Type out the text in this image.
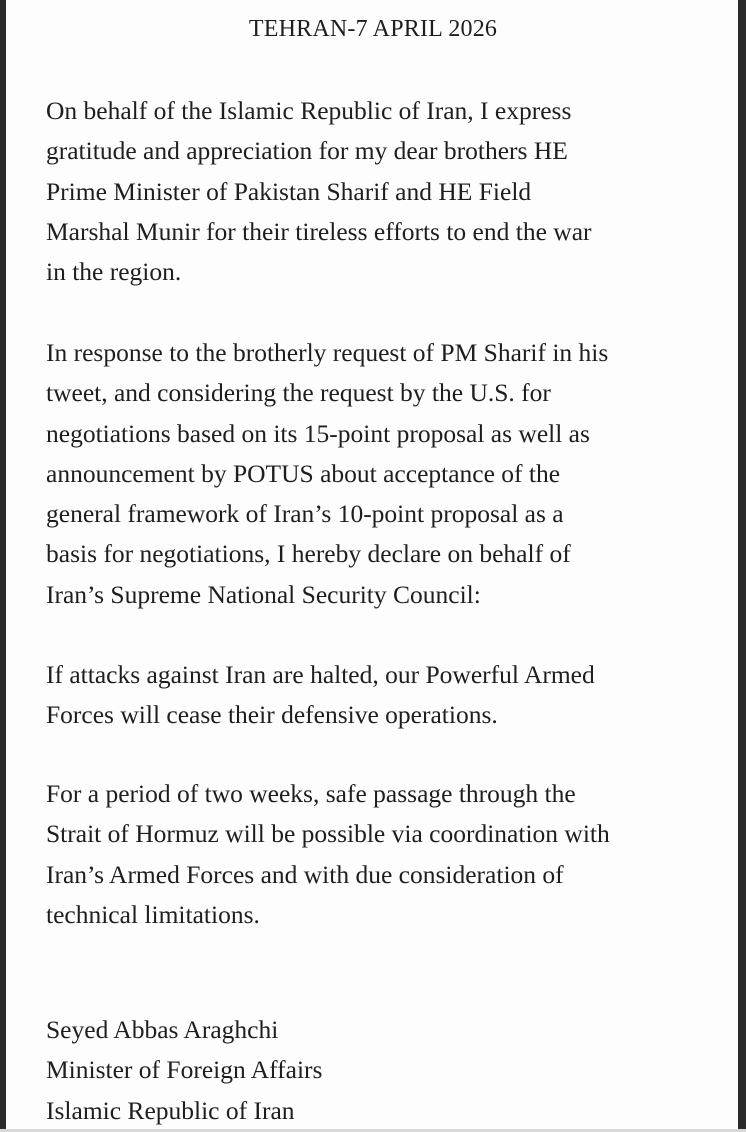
TEHRAN-7 APRIL 2026

On behalf of the Islamic Republic of Iran, I express
gratitude and appreciation for my dear brothers HE
Prime Minister of Pakistan Sharif and HE Field
Marshal Munir for their tireless efforts to end the war
in the region.

In response to the brotherly request of PM Sharif in his
tweet, and considering the request by the U.S. for
negotiations based on its 15-point proposal as well as
announcement by POTUS about acceptance of the
general framework of Iran’s 10-point proposal as a
basis for negotiations, I hereby declare on behalf of
Iran’s Supreme National Security Council:

If attacks against Iran are halted, our Powerful Armed
Forces will cease their defensive operations.

For a period of two weeks, safe passage through the
Strait of Hormuz will be possible via coordination with
Iran’s Armed Forces and with due consideration of
technical limitations.

Seyed Abbas Araghchi
Minister of Foreign Affairs
Islamic Republic of Iran
